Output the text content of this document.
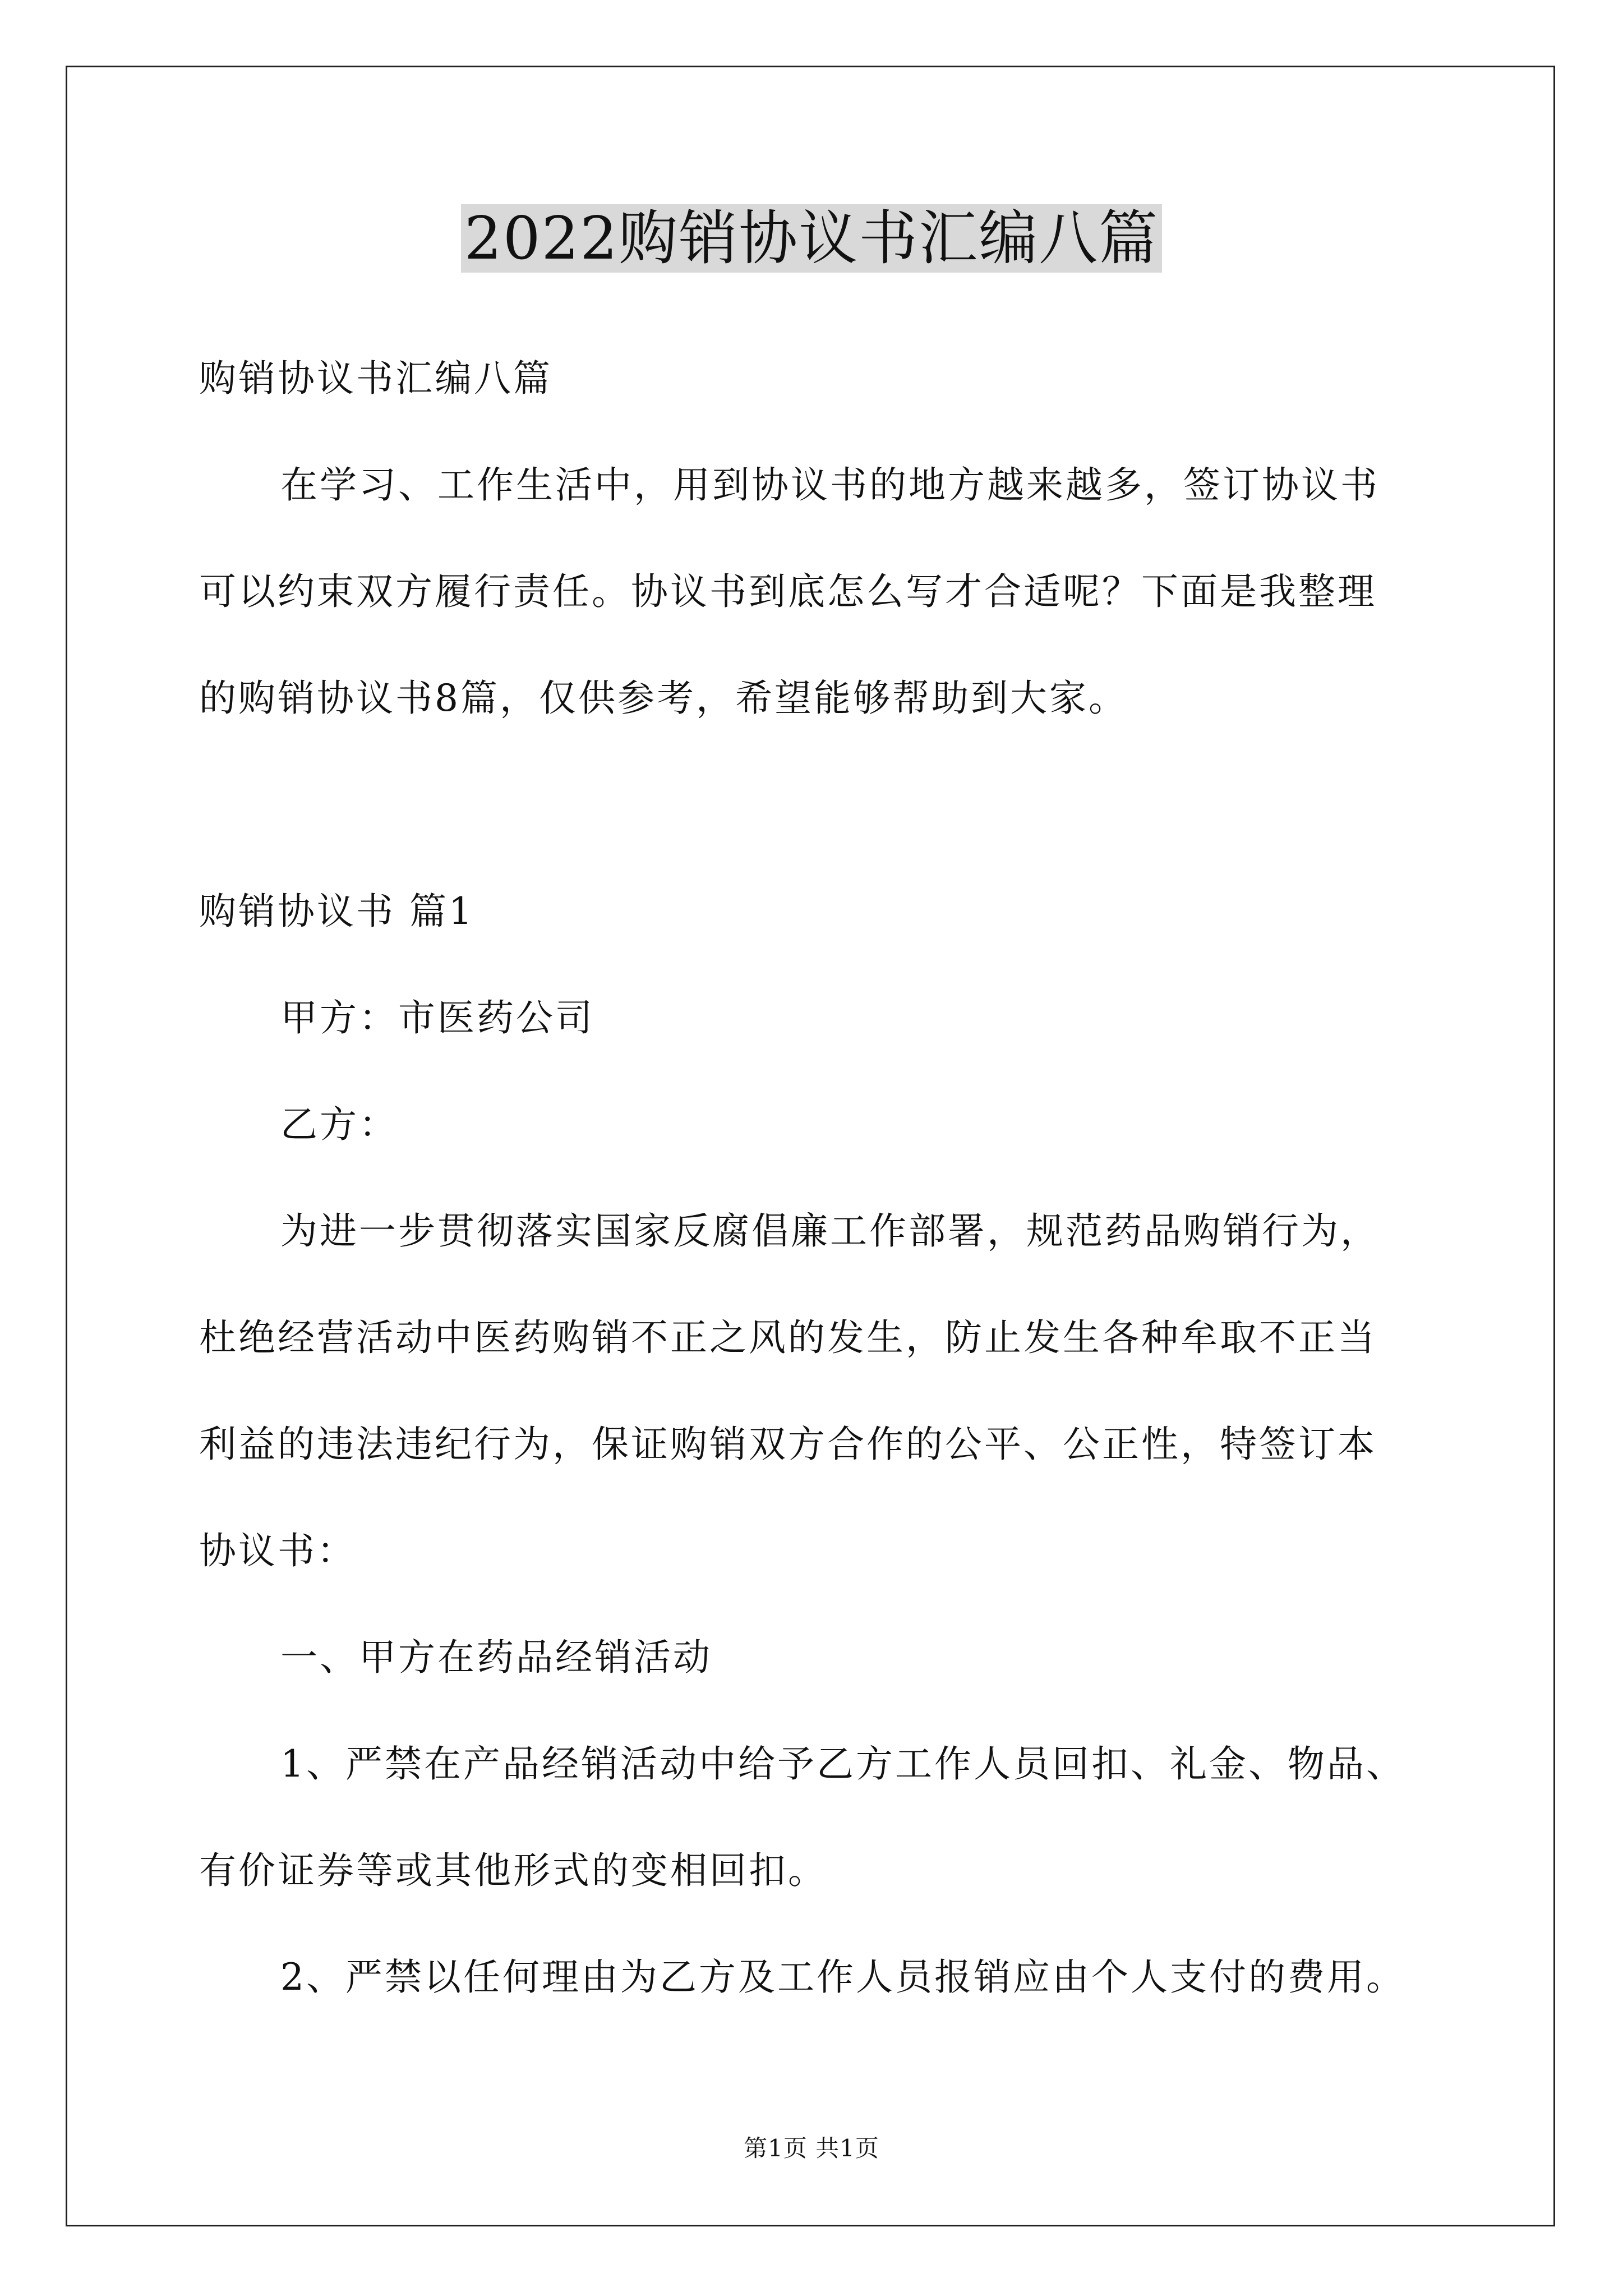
2022购销协议书汇编八篇
购销协议书汇编八篇
在学习、工作生活中，用到协议书的地方越来越多，签订协议书
可以约束双方履行责任。协议书到底怎么写才合适呢？下面是我整理
的购销协议书8篇，仅供参考，希望能够帮助到大家。
购销协议书 篇1
甲方：市医药公司
乙方：
为进一步贯彻落实国家反腐倡廉工作部署，规范药品购销行为，
杜绝经营活动中医药购销不正之风的发生，防止发生各种牟取不正当
利益的违法违纪行为，保证购销双方合作的公平、公正性，特签订本
协议书：
一、甲方在药品经销活动
1、严禁在产品经销活动中给予乙方工作人员回扣、礼金、物品、
有价证券等或其他形式的变相回扣。
2、严禁以任何理由为乙方及工作人员报销应由个人支付的费用。
第1页 共1页
